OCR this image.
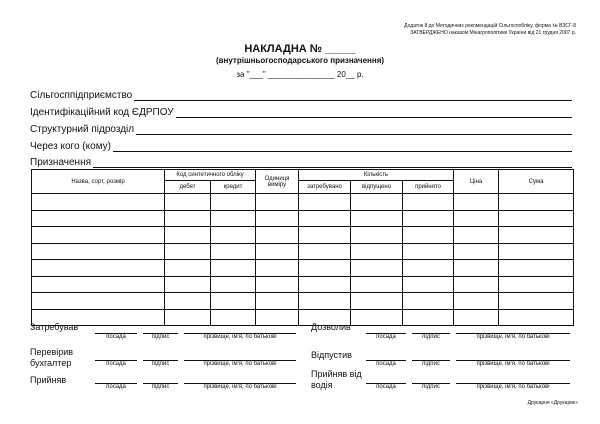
Додаток 8 до Методичних рекомендацій Сільгоспобліку, форма № ВЗСГ-8
ЗАТВЕРДЖЕНО наказом Мінагрополітики України від 21 грудня 2007 р.
НАКЛАДНА № _____
(внутрішньогосподарського призначення)
за "___" _______________ 20__ р.
Сільгосппідприємство
Ідентифікаційний код ЄДРПОУ
Структурний підрозділ
Через кого (кому)
Призначення
Назва, сорт, розмір	Код синтетичного обліку		Одиниця виміру	Кількість			Ціна	Сума
	дебет	кредит		затребувано	відпущено	прийнято		

Затребував
Перевірив бухгалтер
Прийняв
Дозволив
Відпустив
Прийняв від водія
посада	підпис	прізвище, ім'я, по батькові
посада	підпис	прізвище, ім'я, по батькові
посада	підпис	прізвище, ім'я, по батькові
посада	підпис	прізвище, ім'я, по батькові
посада	підпис	прізвище, ім'я, по батькові
посада	підпис	прізвище, ім'я, по батькові
Друкарня «Друкарик»
